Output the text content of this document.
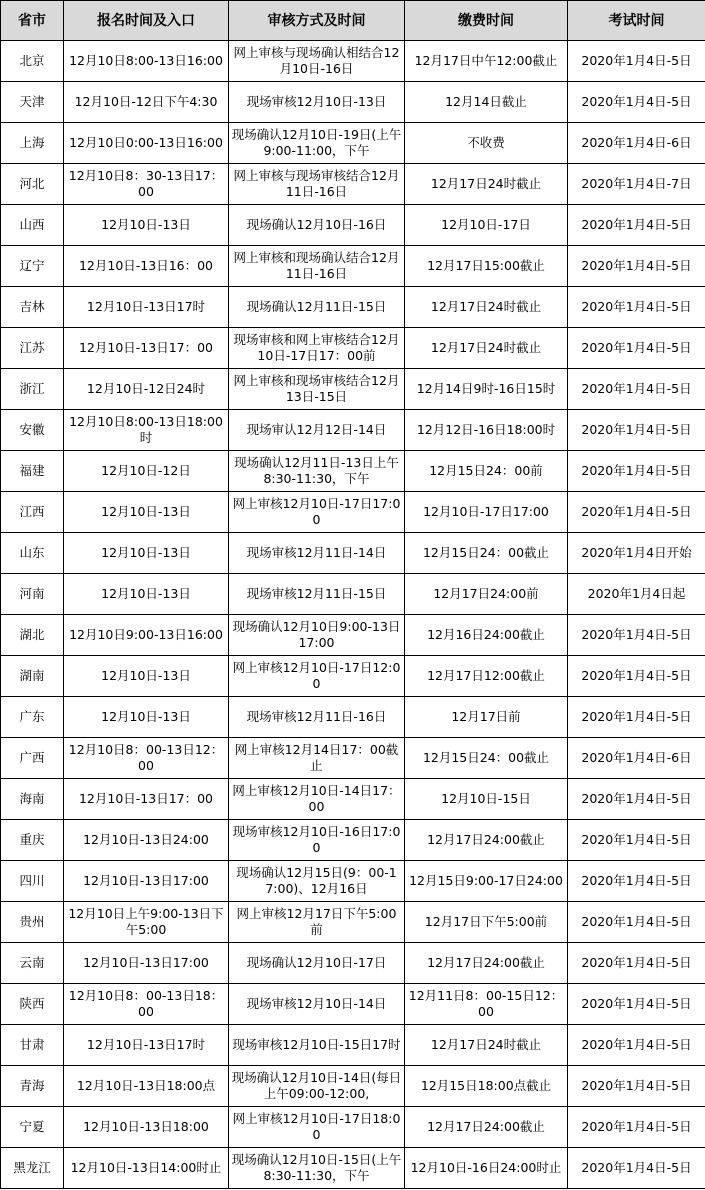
省市	报名时间及入口	审核方式及时间	缴费时间	考试时间

北京	12月10日8:00-13日16:00	网上审核与现场确认相结合12月10日-16日	12月17日中午12:00截止	2020年1月4日-5日

天津	12月10日-12日下午4:30	现场审核12月10日-13日	12月14日截止	2020年1月4日-5日

上海	12月10日0:00-13日16:00	现场确认12月10日-19日(上午9:00-11:00，下午	不收费	2020年1月4日-6日

河北	12月10日8：30-13日17：00	网上审核与现场审核结合12月11日-16日	12月17日24时截止	2020年1月4日-7日

山西	12月10日-13日	现场确认12月10日-16日	12月10日-17日	2020年1月4日-5日

辽宁	12月10日-13日16：00	网上审核和现场确认结合12月11日-16日	12月17日15:00截止	2020年1月4日-5日

吉林	12月10日-13日17时	现场确认12月11日-15日	12月17日24时截止	2020年1月4日-5日

江苏	12月10日-13日17：00	现场审核和网上审核结合12月10日-17日17：00前	12月17日24时截止	2020年1月4日-5日

浙江	12月10日-12日24时	网上审核和现场审核结合12月13日-15日	12月14日9时-16日15时	2020年1月4日-5日

安徽	12月10日8:00-13日18:00时	现场审认12月12日-14日	12月12日-16日18:00时	2020年1月4日-5日

福建	12月10日-12日	现场确认12月11日-13日上午8:30-11:30，下午	12月15日24：00前	2020年1月4日-5日

江西	12月10日-13日	网上审核12月10日-17日17:00	12月10日-17日17:00	2020年1月4日-5日

山东	12月10日-13日	现场审核12月11日-14日	12月15日24：00截止	2020年1月4日开始

河南	12月10日-13日	现场审核12月11日-15日	12月17日24:00前	2020年1月4日起

湖北	12月10日9:00-13日16:00	现场确认12月10日9:00-13日17:00	12月16日24:00截止	2020年1月4日-5日

湖南	12月10日-13日	网上审核12月10日-17日12:00	12月17日12:00截止	2020年1月4日-5日

广东	12月10日-13日	现场审核12月11日-16日	12月17日前	2020年1月4日-5日

广西	12月10日8：00-13日12：00	网上审核12月14日17：00截止	12月15日24：00截止	2020年1月4日-6日

海南	12月10日-13日17：00	网上审核12月10日-14日17：00	12月10日-15日	2020年1月4日-5日

重庆	12月10日-13日24:00	现场审核12月10日-16日17:00	12月17日24:00截止	2020年1月4日-5日

四川	12月10日-13日17:00	现场确认12月15日(9：00-17:00)、12月16日	12月15日9:00-17日24:00	2020年1月4日-5日

贵州	12月10日上午9:00-13日下午5:00	网上审核12月17日下午5:00前	12月17日下午5:00前	2020年1月4日-5日

云南	12月10日-13日17:00	现场确认12月10日-17日	12月17日24:00截止	2020年1月4日-5日

陕西	12月10日8：00-13日18：00	现场审核12月10日-14日	12月11日8：00-15日12：00	2020年1月4日-5日

甘肃	12月10日-13日17时	现场审核12月10日-15日17时	12月17日24时截止	2020年1月4日-5日

青海	12月10日-13日18:00点	现场确认12月10日-14日(每日上午09:00-12:00,	12月15日18:00点截止	2020年1月4日-5日

宁夏	12月10日-13日18:00	网上审核12月10日-17日18:00	12月17日24:00截止	2020年1月4日-5日

黑龙江	12月10日-13日14:00时止	现场确认12月10日-15日(上午8:30-11:30，下午	12月10日-16日24:00时止	2020年1月4日-5日
